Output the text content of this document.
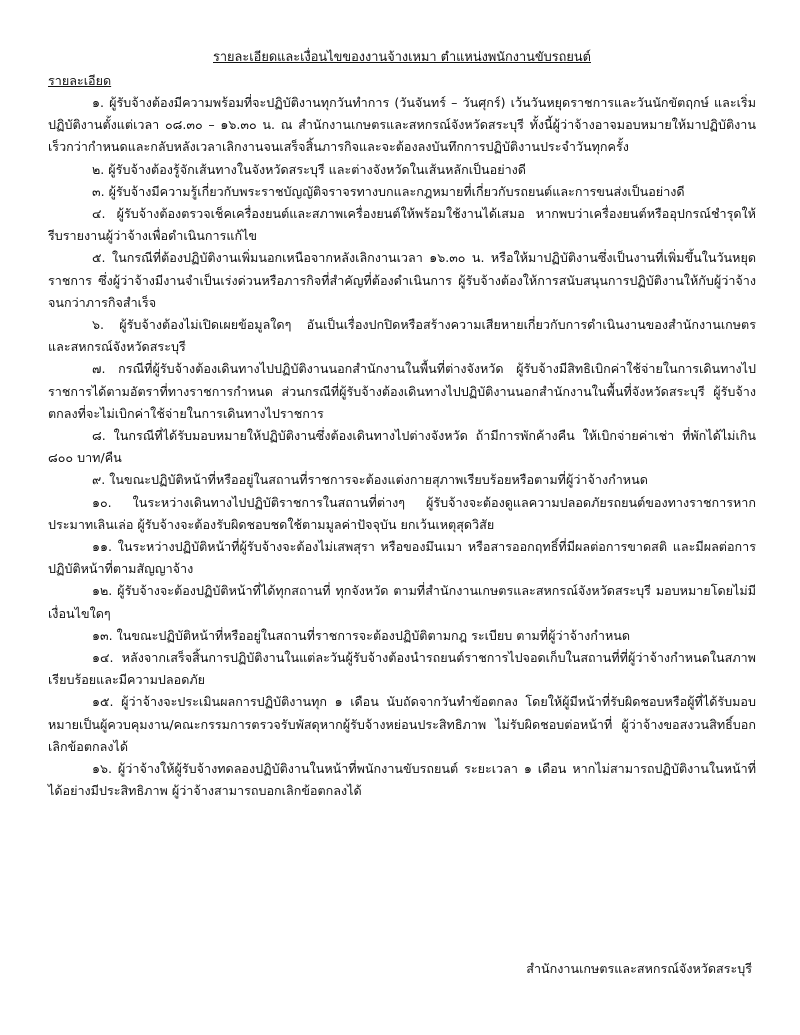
รายละเอียดและเงื่อนไขของงานจ้างเหมา ตำแหน่งพนักงานขับรถยนต์

รายละเอียด

๑. ผู้รับจ้างต้องมีความพร้อมที่จะปฏิบัติงานทุกวันทำการ (วันจันทร์ – วันศุกร์) เว้นวันหยุดราชการและวันนักขัตฤกษ์ และเริ่มปฏิบัติงานตั้งแต่เวลา ๐๘.๓๐ – ๑๖.๓๐ น. ณ สำนักงานเกษตรและสหกรณ์จังหวัดสระบุรี ทั้งนี้ผู้ว่าจ้างอาจมอบหมายให้มาปฏิบัติงานเร็วกว่ากำหนดและกลับหลังเวลาเลิกงานจนเสร็จสิ้นภารกิจและจะต้องลงบันทึกการปฏิบัติงานประจำวันทุกครั้ง

๒. ผู้รับจ้างต้องรู้จักเส้นทางในจังหวัดสระบุรี และต่างจังหวัดในเส้นหลักเป็นอย่างดี

๓. ผู้รับจ้างมีความรู้เกี่ยวกับพระราชบัญญัติจราจรทางบกและกฎหมายที่เกี่ยวกับรถยนต์และการขนส่งเป็นอย่างดี

๔. ผู้รับจ้างต้องตรวจเช็คเครื่องยนต์และสภาพเครื่องยนต์ให้พร้อมใช้งานได้เสมอ หากพบว่าเครื่องยนต์หรืออุปกรณ์ชำรุดให้รีบรายงานผู้ว่าจ้างเพื่อดำเนินการแก้ไข

๕. ในกรณีที่ต้องปฏิบัติงานเพิ่มนอกเหนือจากหลังเลิกงานเวลา ๑๖.๓๐ น. หรือให้มาปฏิบัติงานซึ่งเป็นงานที่เพิ่มขึ้นในวันหยุดราชการ ซึ่งผู้ว่าจ้างมีงานจำเป็นเร่งด่วนหรือภารกิจที่สำคัญที่ต้องดำเนินการ ผู้รับจ้างต้องให้การสนับสนุนการปฏิบัติงานให้กับผู้ว่าจ้างจนกว่าภารกิจสำเร็จ

๖. ผู้รับจ้างต้องไม่เปิดเผยข้อมูลใดๆ อันเป็นเรื่องปกปิดหรือสร้างความเสียหายเกี่ยวกับการดำเนินงานของสำนักงานเกษตรและสหกรณ์จังหวัดสระบุรี

๗. กรณีที่ผู้รับจ้างต้องเดินทางไปปฏิบัติงานนอกสำนักงานในพื้นที่ต่างจังหวัด ผู้รับจ้างมีสิทธิเบิกค่าใช้จ่ายในการเดินทางไปราชการได้ตามอัตราที่ทางราชการกำหนด ส่วนกรณีที่ผู้รับจ้างต้องเดินทางไปปฏิบัติงานนอกสำนักงานในพื้นที่จังหวัดสระบุรี ผู้รับจ้างตกลงที่จะไม่เบิกค่าใช้จ่ายในการเดินทางไปราชการ

๘. ในกรณีที่ได้รับมอบหมายให้ปฏิบัติงานซึ่งต้องเดินทางไปต่างจังหวัด ถ้ามีการพักค้างคืน ให้เบิกจ่ายค่าเช่า ที่พักได้ไม่เกิน ๘๐๐ บาท/คืน

๙. ในขณะปฏิบัติหน้าที่หรืออยู่ในสถานที่ราชการจะต้องแต่งกายสุภาพเรียบร้อยหรือตามที่ผู้ว่าจ้างกำหนด

๑๐. ในระหว่างเดินทางไปปฏิบัติราชการในสถานที่ต่างๆ ผู้รับจ้างจะต้องดูแลความปลอดภัยรถยนต์ของทางราชการหากประมาทเลินเล่อ ผู้รับจ้างจะต้องรับผิดชอบชดใช้ตามมูลค่าปัจจุบัน ยกเว้นเหตุสุดวิสัย

๑๑. ในระหว่างปฏิบัติหน้าที่ผู้รับจ้างจะต้องไม่เสพสุรา หรือของมึนเมา หรือสารออกฤทธิ์ที่มีผลต่อการขาดสติ และมีผลต่อการปฏิบัติหน้าที่ตามสัญญาจ้าง

๑๒. ผู้รับจ้างจะต้องปฏิบัติหน้าที่ได้ทุกสถานที่ ทุกจังหวัด ตามที่สำนักงานเกษตรและสหกรณ์จังหวัดสระบุรี มอบหมายโดยไม่มีเงื่อนไขใดๆ

๑๓. ในขณะปฏิบัติหน้าที่หรืออยู่ในสถานที่ราชการจะต้องปฏิบัติตามกฎ ระเบียบ ตามที่ผู้ว่าจ้างกำหนด

๑๔. หลังจากเสร็จสิ้นการปฏิบัติงานในแต่ละวันผู้รับจ้างต้องนำรถยนต์ราชการไปจอดเก็บในสถานที่ที่ผู้ว่าจ้างกำหนดในสภาพเรียบร้อยและมีความปลอดภัย

๑๕. ผู้ว่าจ้างจะประเมินผลการปฏิบัติงานทุก ๑ เดือน นับถัดจากวันทำข้อตกลง โดยให้ผู้มีหน้าที่รับผิดชอบหรือผู้ที่ได้รับมอบหมายเป็นผู้ควบคุมงาน/คณะกรรมการตรวจรับพัสดุหากผู้รับจ้างหย่อนประสิทธิภาพ ไม่รับผิดชอบต่อหน้าที่ ผู้ว่าจ้างขอสงวนสิทธิ์บอกเลิกข้อตกลงได้

๑๖. ผู้ว่าจ้างให้ผู้รับจ้างทดลองปฏิบัติงานในหน้าที่พนักงานขับรถยนต์ ระยะเวลา ๑ เดือน หากไม่สามารถปฏิบัติงานในหน้าที่ได้อย่างมีประสิทธิภาพ ผู้ว่าจ้างสามารถบอกเลิกข้อตกลงได้

สำนักงานเกษตรและสหกรณ์จังหวัดสระบุรี
